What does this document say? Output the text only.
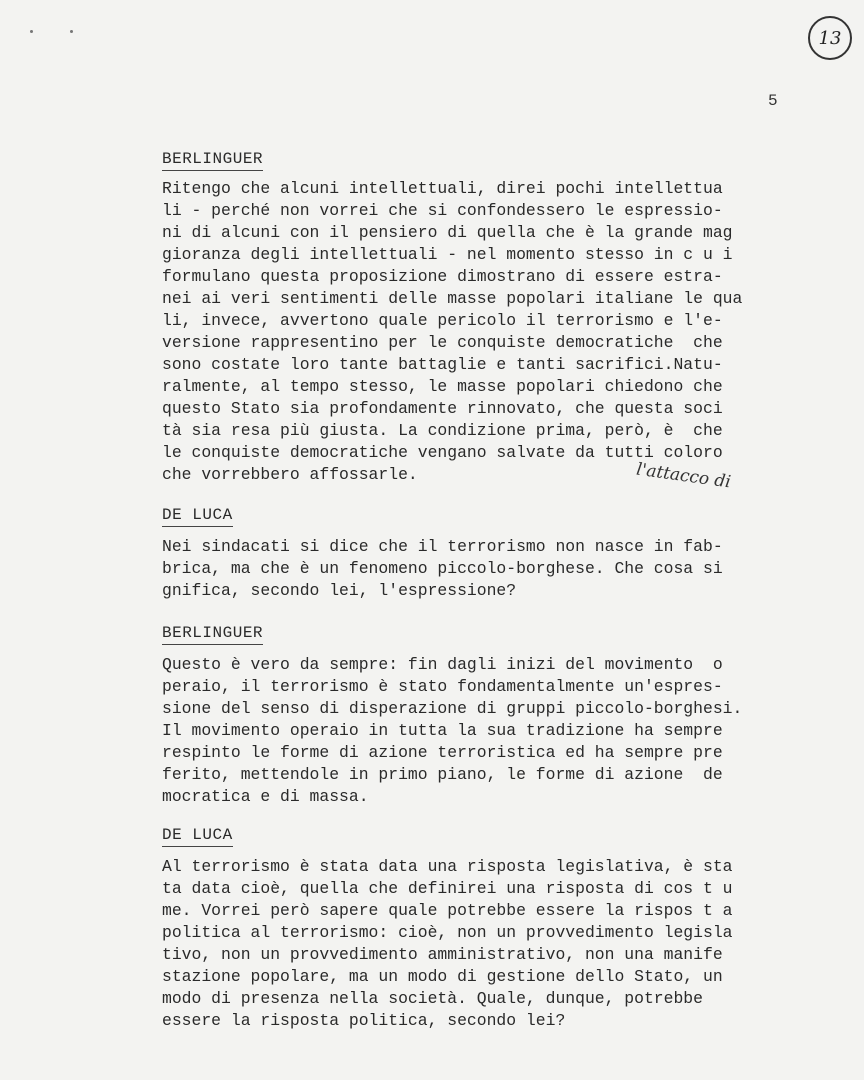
13
5
BERLINGUER
Ritengo che alcuni intellettuali, direi pochi intellettua
li - perché non vorrei che si confondessero le espressio-
ni di alcuni con il pensiero di quella che è la grande mag
gioranza degli intellettuali - nel momento stesso in c u i
formulano questa proposizione dimostrano di essere estra-
nei ai veri sentimenti delle masse popolari italiane le qua
li, invece, avvertono quale pericolo il terrorismo e l'e-
versione rappresentino per le conquiste democratiche  che
sono costate loro tante battaglie e tanti sacrifici.Natu-
ralmente, al tempo stesso, le masse popolari chiedono che
questo Stato sia profondamente rinnovato, che questa soci
tà sia resa più giusta. La condizione prima, però, è  che
le conquiste democratiche vengano salvate da tutti coloro
che vorrebbero affossarle.	l'attacco di
DE LUCA
Nei sindacati si dice che il terrorismo non nasce in fab-
brica, ma che è un fenomeno piccolo-borghese. Che cosa si
gnifica, secondo lei, l'espressione?
BERLINGUER
Questo è vero da sempre: fin dagli inizi del movimento  o
peraio, il terrorismo è stato fondamentalmente un'espres-
sione del senso di disperazione di gruppi piccolo-borghesi.
Il movimento operaio in tutta la sua tradizione ha sempre
respinto le forme di azione terroristica ed ha sempre pre
ferito, mettendole in primo piano, le forme di azione  de
mocratica e di massa.
DE LUCA
Al terrorismo è stata data una risposta legislativa, è sta
ta data cioè, quella che definirei una risposta di cos t u
me. Vorrei però sapere quale potrebbe essere la rispos t a
politica al terrorismo: cioè, non un provvedimento legisla
tivo, non un provvedimento amministrativo, non una manife
stazione popolare, ma un modo di gestione dello Stato, un
modo di presenza nella società. Quale, dunque, potrebbe
essere la risposta politica, secondo lei?
